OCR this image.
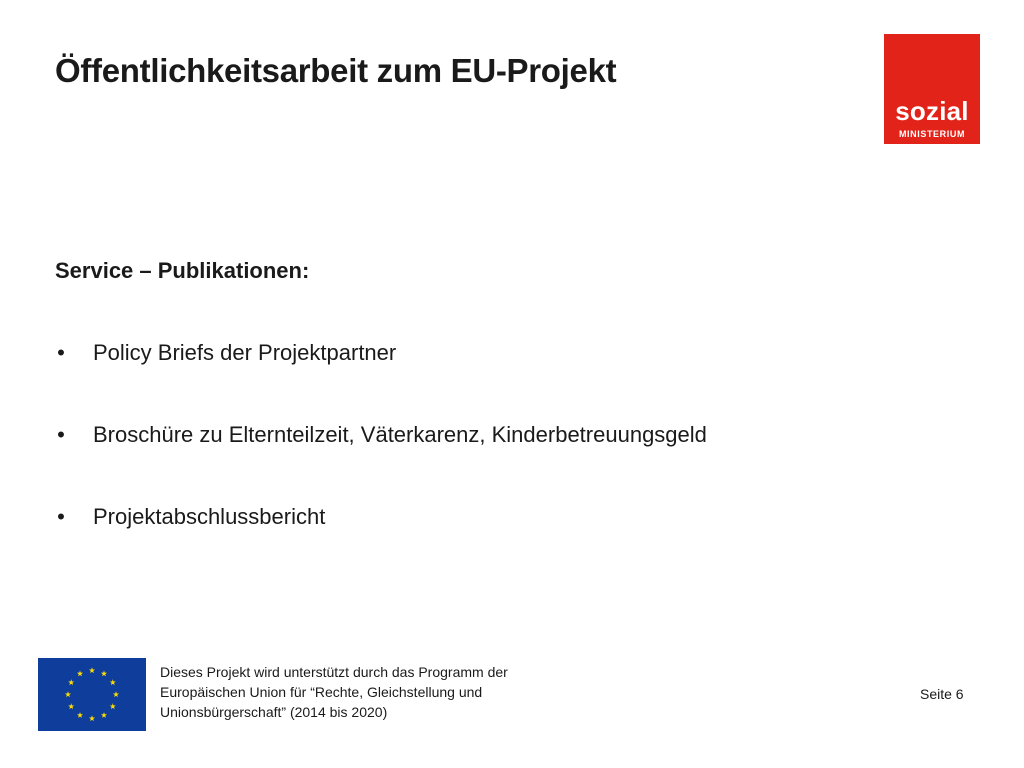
Öffentlichkeitsarbeit zum EU-Projekt
sozial
MINISTERIUM
Service – Publikationen:
• Policy Briefs der Projektpartner
• Broschüre zu Elternteilzeit, Väterkarenz, Kinderbetreuungsgeld
• Projektabschlussbericht
Dieses Projekt wird unterstützt durch das Programm der
Europäischen Union für “Rechte, Gleichstellung und
Unionsbürgerschaft” (2014 bis 2020)
Seite 6
